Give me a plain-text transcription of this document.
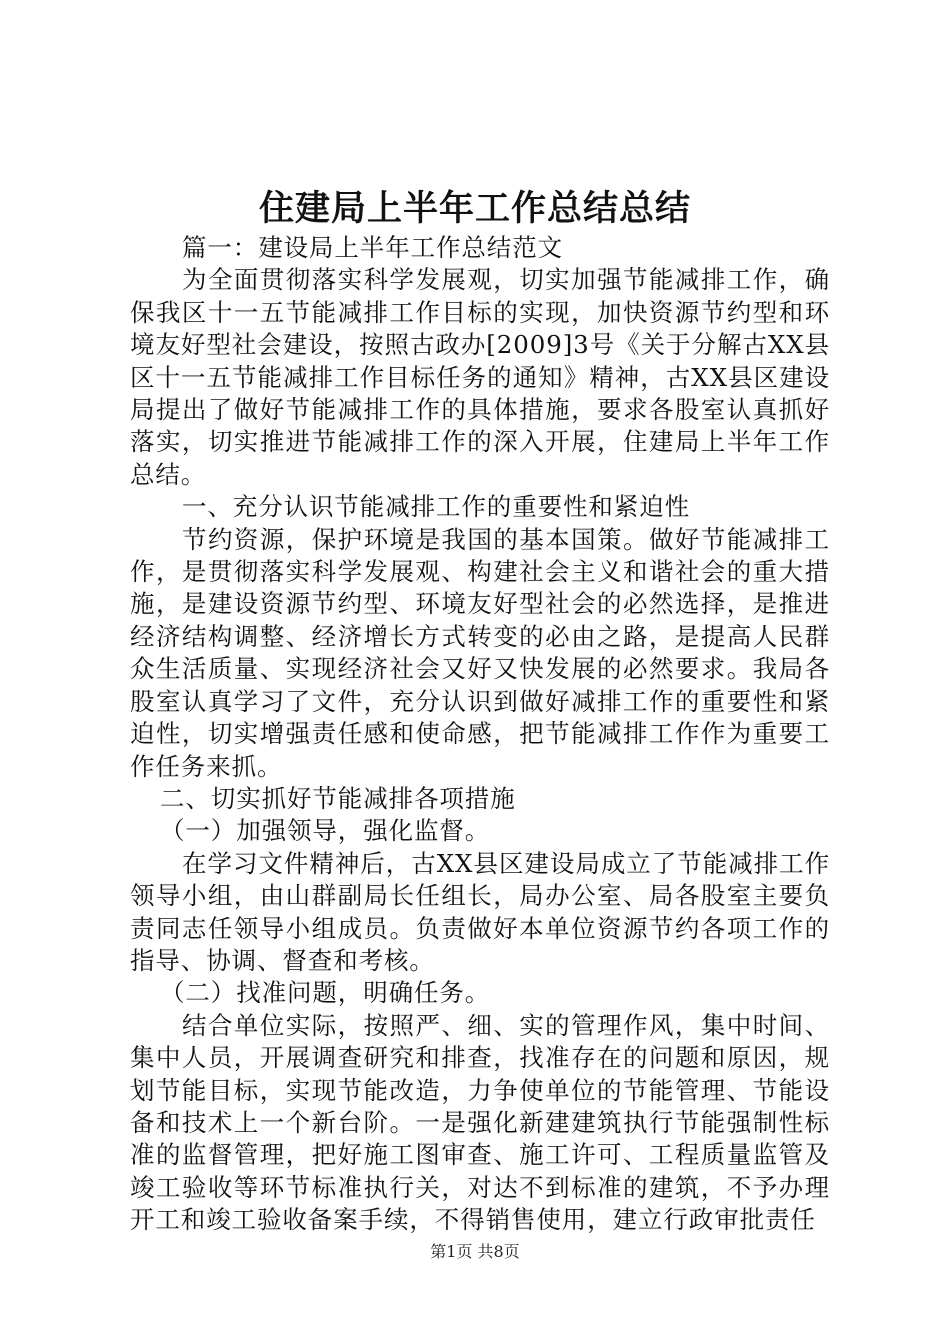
住建局上半年工作总结总结

篇一：建设局上半年工作总结范文

为全面贯彻落实科学发展观，切实加强节能减排工作，确保我区十一五节能减排工作目标的实现，加快资源节约型和环境友好型社会建设，按照古政办[2009]3号《关于分解古XX县区十一五节能减排工作目标任务的通知》精神，古XX县区建设局提出了做好节能减排工作的具体措施，要求各股室认真抓好落实，切实推进节能减排工作的深入开展，住建局上半年工作总结。

一、充分认识节能减排工作的重要性和紧迫性

节约资源，保护环境是我国的基本国策。做好节能减排工作，是贯彻落实科学发展观、构建社会主义和谐社会的重大措施，是建设资源节约型、环境友好型社会的必然选择，是推进经济结构调整、经济增长方式转变的必由之路，是提高人民群众生活质量、实现经济社会又好又快发展的必然要求。我局各股室认真学习了文件，充分认识到做好减排工作的重要性和紧迫性，切实增强责任感和使命感，把节能减排工作作为重要工作任务来抓。

二、切实抓好节能减排各项措施

（一）加强领导，强化监督。

在学习文件精神后，古XX县区建设局成立了节能减排工作领导小组，由山群副局长任组长，局办公室、局各股室主要负责同志任领导小组成员。负责做好本单位资源节约各项工作的指导、协调、督查和考核。

（二）找准问题，明确任务。

结合单位实际，按照严、细、实的管理作风，集中时间、集中人员，开展调查研究和排查，找准存在的问题和原因，规划节能目标，实现节能改造，力争使单位的节能管理、节能设备和技术上一个新台阶。一是强化新建建筑执行节能强制性标准的监督管理，把好施工图审查、施工许可、工程质量监管及竣工验收等环节标准执行关，对达不到标准的建筑，不予办理开工和竣工验收备案手续，不得销售使用，建立行政审批责任

第1页 共8页
